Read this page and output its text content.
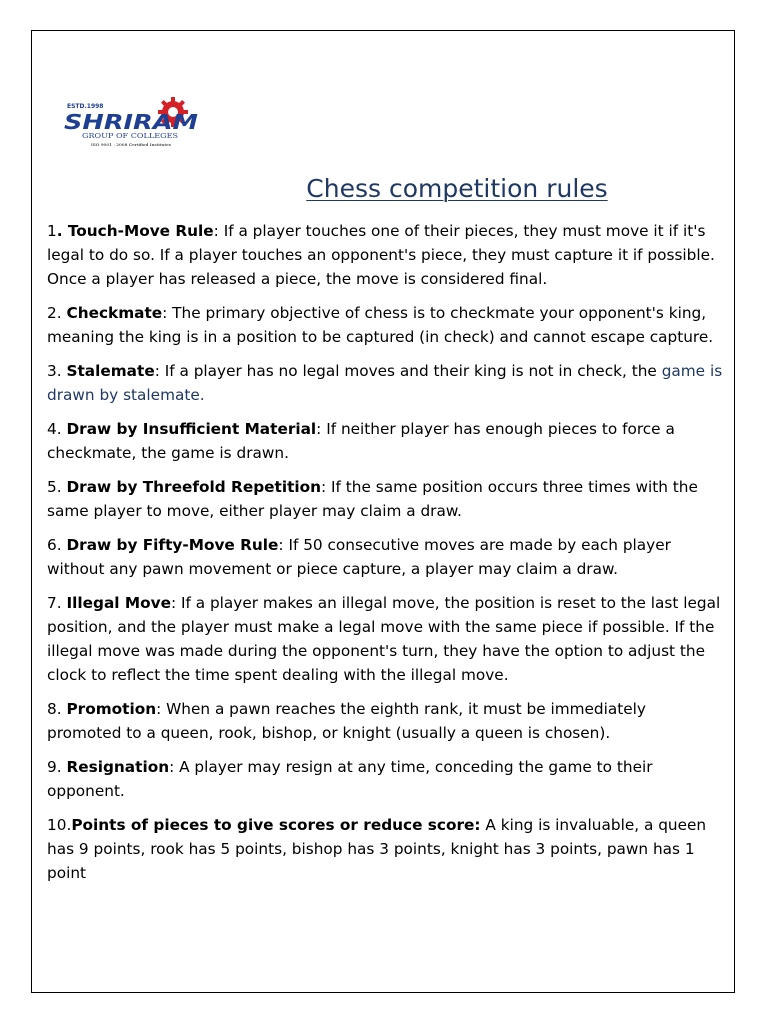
ESTD.1998
SHRIRAM
GROUP OF COLLEGES
ISO 9001 : 2008 Certified Institutes
Chess competition rules

1. Touch-Move Rule: If a player touches one of their pieces, they must move it if it's legal to do so. If a player touches an opponent's piece, they must capture it if possible. Once a player has released a piece, the move is considered final.

2. Checkmate: The primary objective of chess is to checkmate your opponent's king, meaning the king is in a position to be captured (in check) and cannot escape capture.

3. Stalemate: If a player has no legal moves and their king is not in check, the game is drawn by stalemate.

4. Draw by Insufficient Material: If neither player has enough pieces to force a checkmate, the game is drawn.

5. Draw by Threefold Repetition: If the same position occurs three times with the same player to move, either player may claim a draw.

6. Draw by Fifty-Move Rule: If 50 consecutive moves are made by each player without any pawn movement or piece capture, a player may claim a draw.

7. Illegal Move: If a player makes an illegal move, the position is reset to the last legal position, and the player must make a legal move with the same piece if possible. If the illegal move was made during the opponent's turn, they have the option to adjust the clock to reflect the time spent dealing with the illegal move.

8. Promotion: When a pawn reaches the eighth rank, it must be immediately promoted to a queen, rook, bishop, or knight (usually a queen is chosen).

9. Resignation: A player may resign at any time, conceding the game to their opponent.

10.Points of pieces to give scores or reduce score: A king is invaluable, a queen has 9 points, rook has 5 points, bishop has 3 points, knight has 3 points, pawn has 1 point
